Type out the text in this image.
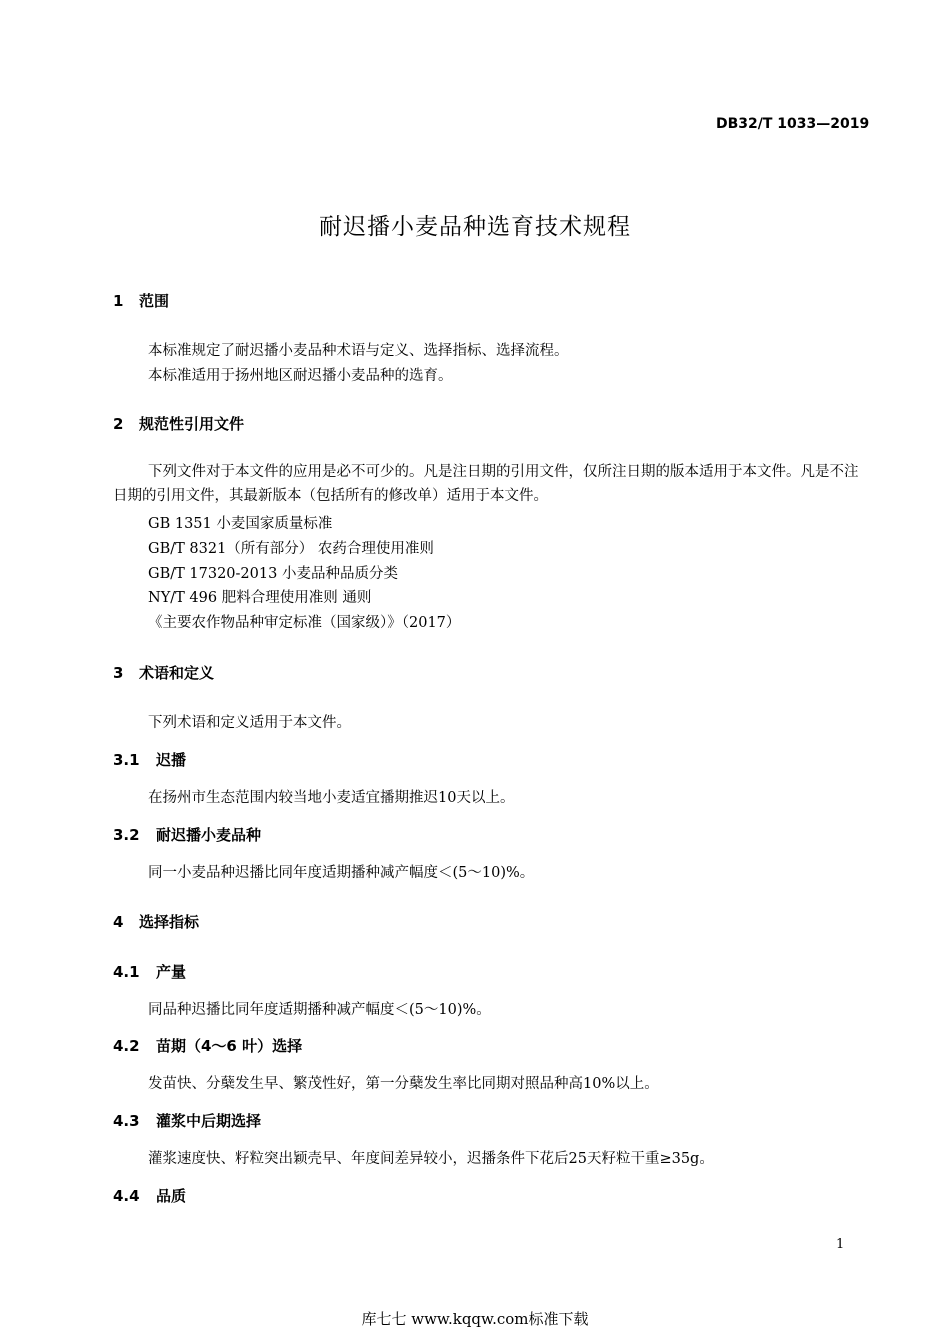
DB32/T 1033—2019
耐迟播小麦品种选育技术规程
1 范围
本标准规定了耐迟播小麦品种术语与定义、选择指标、选择流程。
本标准适用于扬州地区耐迟播小麦品种的选育。
2 规范性引用文件
下列文件对于本文件的应用是必不可少的。凡是注日期的引用文件，仅所注日期的版本适用于本文件。凡是不注日期的引用文件，其最新版本（包括所有的修改单）适用于本文件。
GB 1351 小麦国家质量标准
GB/T 8321（所有部分） 农药合理使用准则
GB/T 17320-2013 小麦品种品质分类
NY/T 496 肥料合理使用准则 通则
《主要农作物品种审定标准（国家级）》（2017）
3 术语和定义
下列术语和定义适用于本文件。
3.1 迟播
在扬州市生态范围内较当地小麦适宜播期推迟10天以上。
3.2 耐迟播小麦品种
同一小麦品种迟播比同年度适期播种减产幅度＜(5～10)%。
4 选择指标
4.1 产量
同品种迟播比同年度适期播种减产幅度＜(5～10)%。
4.2 苗期（4～6 叶）选择
发苗快、分蘖发生早、繁茂性好，第一分蘖发生率比同期对照品种高10%以上。
4.3 灌浆中后期选择
灌浆速度快、籽粒突出颖壳早、年度间差异较小，迟播条件下花后25天籽粒干重≥35g。
4.4 品质
1
库七七 www.kqqw.com标准下载
